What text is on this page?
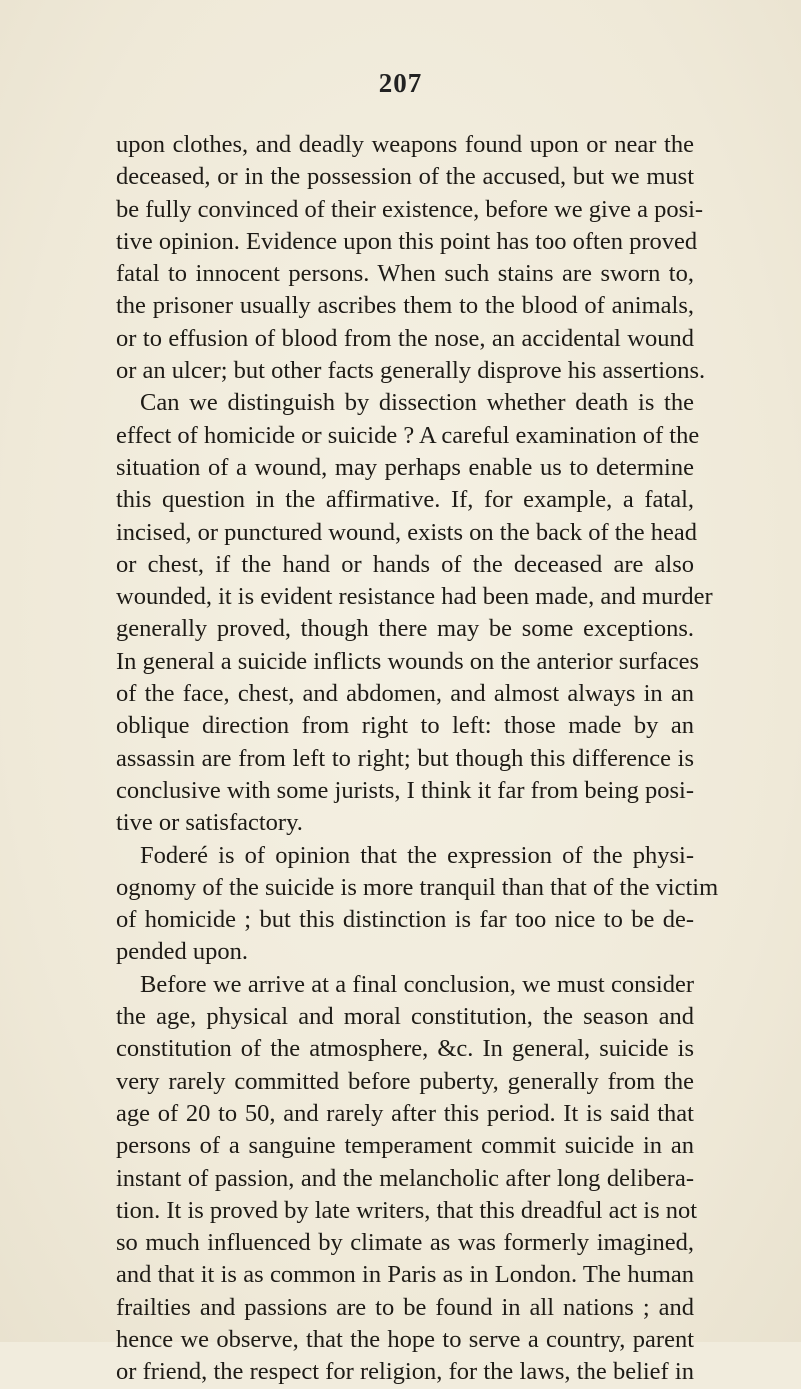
207
upon clothes, and deadly weapons found upon or near the
deceased, or in the possession of the accused, but we must
be fully convinced of their existence, before we give a posi-
tive opinion. Evidence upon this point has too often proved
fatal to innocent persons. When such stains are sworn to,
the prisoner usually ascribes them to the blood of animals,
or to effusion of blood from the nose, an accidental wound
or an ulcer; but other facts generally disprove his assertions.
Can we distinguish by dissection whether death is the
effect of homicide or suicide ? A careful examination of the
situation of a wound, may perhaps enable us to determine
this question in the affirmative. If, for example, a fatal,
incised, or punctured wound, exists on the back of the head
or chest, if the hand or hands of the deceased are also
wounded, it is evident resistance had been made, and murder
generally proved, though there may be some exceptions.
In general a suicide inflicts wounds on the anterior surfaces
of the face, chest, and abdomen, and almost always in an
oblique direction from right to left: those made by an
assassin are from left to right; but though this difference is
conclusive with some jurists, I think it far from being posi-
tive or satisfactory.
Foderé is of opinion that the expression of the physi-
ognomy of the suicide is more tranquil than that of the victim
of homicide ; but this distinction is far too nice to be de-
pended upon.
Before we arrive at a final conclusion, we must consider
the age, physical and moral constitution, the season and
constitution of the atmosphere, &c. In general, suicide is
very rarely committed before puberty, generally from the
age of 20 to 50, and rarely after this period. It is said that
persons of a sanguine temperament commit suicide in an
instant of passion, and the melancholic after long delibera-
tion. It is proved by late writers, that this dreadful act is not
so much influenced by climate as was formerly imagined,
and that it is as common in Paris as in London. The human
frailties and passions are to be found in all nations ; and
hence we observe, that the hope to serve a country, parent
or friend, the respect for religion, for the laws, the belief in
